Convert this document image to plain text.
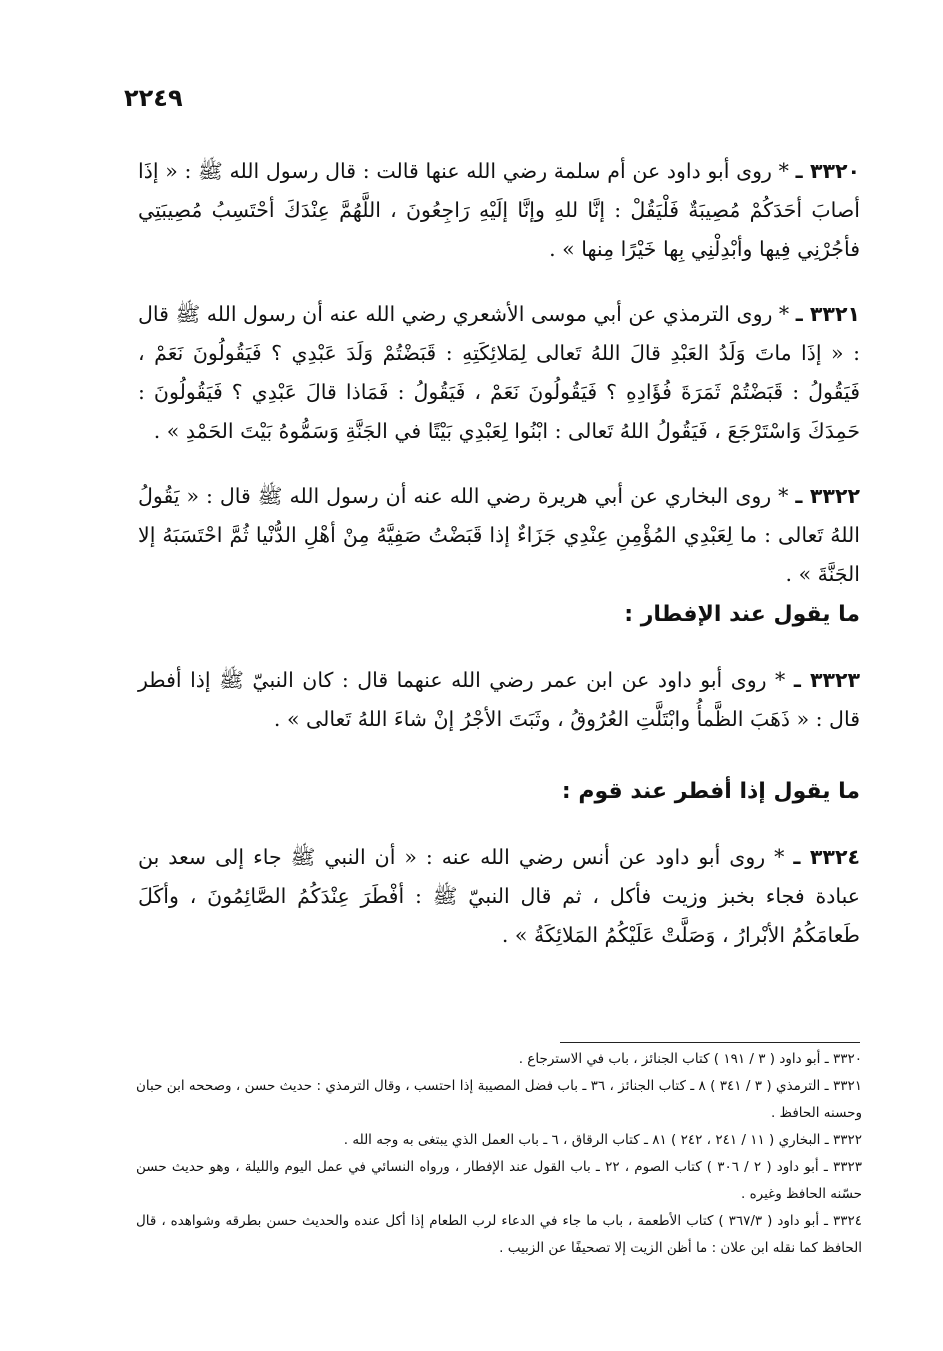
٢٢٤٩

٣٣٢٠ ـ * روى أبو داود عن أم سلمة رضي الله عنها قالت : قال رسول الله ﷺ : « إذَا أصابَ أحَدَكُمْ مُصِيبَةٌ فَلْيَقُلْ : إنَّا للهِ وإنَّا إلَيْهِ رَاجِعُونَ ، اللَّهُمَّ عِنْدَكَ أحْتَسِبُ مُصِيبَتِي فأجُرْنِي فِيها وأبْدِلْنِي بِها خَيْرًا مِنها » .

٣٣٢١ ـ * روى الترمذي عن أبي موسى الأشعري رضي الله عنه أن رسول الله ﷺ قال : « إذَا ماتَ وَلَدُ العَبْدِ قالَ اللهُ تَعالى لِمَلائِكَتِهِ : قَبَضْتُمْ وَلَدَ عَبْدِي ؟ فَيَقُولُونَ نَعَمْ ، فَيَقُولُ : قَبَضْتُمْ ثَمَرَةَ فُؤَادِهِ ؟ فَيَقُولُونَ نَعَمْ ، فَيَقُولُ : فَمَاذا قالَ عَبْدِي ؟ فَيَقُولُونَ : حَمِدَكَ وَاسْتَرْجَعَ ، فَيَقُولُ اللهُ تَعالى : ابْنُوا لِعَبْدِي بَيْتًا في الجَنَّةِ وَسَمُّوهُ بَيْتَ الحَمْدِ » .

٣٣٢٢ ـ * روى البخاري عن أبي هريرة رضي الله عنه أن رسول الله ﷺ قال : « يَقُولُ اللهُ تَعالى : ما لِعَبْدِي المُؤْمِنِ عِنْدِي جَزَاءٌ إذا قَبَضْتُ صَفِيَّهُ مِنْ أهْلِ الدُّنْيا ثُمَّ احْتَسَبَهُ إلا الجَنَّةَ » .

ما يقول عند الإفطار :

٣٣٢٣ ـ * روى أبو داود عن ابن عمر رضي الله عنهما قال : كان النبيّ ﷺ إذا أفطر قال : « ذَهَبَ الظَّمأُ وابْتَلَّتِ العُرُوقُ ، وثَبَتَ الأجْرُ إنْ شاءَ اللهُ تَعالى » .

ما يقول إذا أفطر عند قوم :

٣٣٢٤ ـ * روى أبو داود عن أنس رضي الله عنه : « أن النبي ﷺ جاء إلى سعد بن عبادة فجاء بخبز وزيت فأكل ، ثم قال النبيّ ﷺ : أفْطَرَ عِنْدَكُمُ الصَّائِمُونَ ، وأكَلَ طَعامَكُمُ الأبْرارُ ، وَصَلَّتْ عَلَيْكُمُ المَلائِكَةُ » .

٣٣٢٠ ـ أبو داود ( ٣ / ١٩١ ) كتاب الجنائز ، باب في الاسترجاع .

٣٣٢١ ـ الترمذي ( ٣ / ٣٤١ ) ٨ ـ كتاب الجنائز ، ٣٦ ـ باب فضل المصيبة إذا احتسب ، وقال الترمذي : حديث حسن ، وصححه ابن حبان وحسنه الحافظ .

٣٣٢٢ ـ البخاري ( ١١ / ٢٤١ ، ٢٤٢ ) ٨١ ـ كتاب الرقاق ، ٦ ـ باب العمل الذي يبتغى به وجه الله .

٣٣٢٣ ـ أبو داود ( ٢ / ٣٠٦ ) كتاب الصوم ، ٢٢ ـ باب القول عند الإفطار ، ورواه النسائي في عمل اليوم والليلة ، وهو حديث حسن حسّنه الحافظ وغيره .

٣٣٢٤ ـ أبو داود ( ٣٦٧/٣ ) كتاب الأطعمة ، باب ما جاء في الدعاء لرب الطعام إذا أكل عنده والحديث حسن بطرقه وشواهده ، قال الحافظ كما نقله ابن علان : ما أظن الزيت إلا تصحيفًا عن الزبيب .
